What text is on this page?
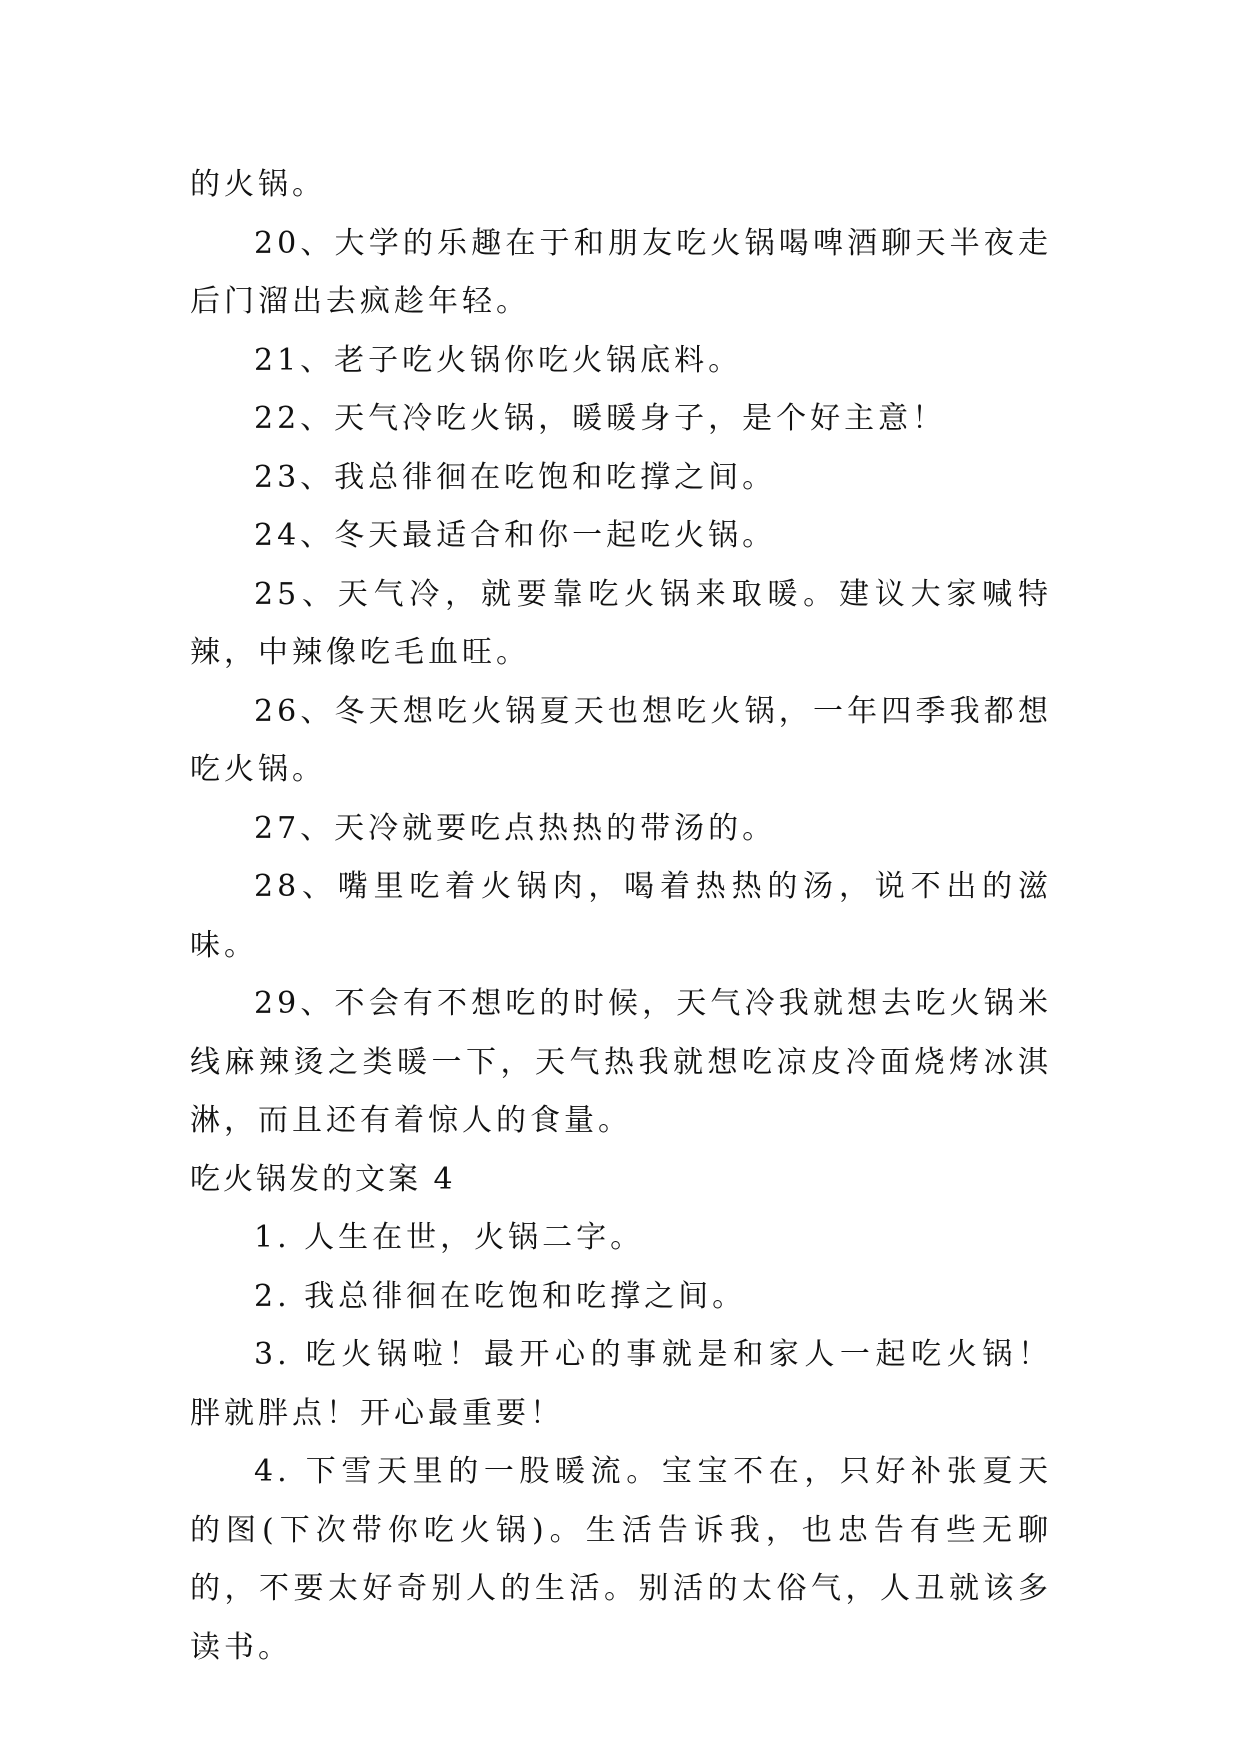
的火锅。

20、大学的乐趣在于和朋友吃火锅喝啤酒聊天半夜走后门溜出去疯趁年轻。

21、老子吃火锅你吃火锅底料。

22、天气冷吃火锅，暖暖身子，是个好主意！

23、我总徘徊在吃饱和吃撑之间。

24、冬天最适合和你一起吃火锅。

25、天气冷，就要靠吃火锅来取暖。建议大家喊特辣，中辣像吃毛血旺。

26、冬天想吃火锅夏天也想吃火锅，一年四季我都想吃火锅。

27、天冷就要吃点热热的带汤的。

28、嘴里吃着火锅肉，喝着热热的汤，说不出的滋味。

29、不会有不想吃的时候，天气冷我就想去吃火锅米线麻辣烫之类暖一下，天气热我就想吃凉皮冷面烧烤冰淇淋，而且还有着惊人的食量。

吃火锅发的文案 4

1. 人生在世，火锅二字。

2. 我总徘徊在吃饱和吃撑之间。

3. 吃火锅啦！最开心的事就是和家人一起吃火锅！胖就胖点！开心最重要！

4. 下雪天里的一股暖流。宝宝不在，只好补张夏天的图(下次带你吃火锅)。生活告诉我，也忠告有些无聊的，不要太好奇别人的生活。别活的太俗气，人丑就该多读书。
